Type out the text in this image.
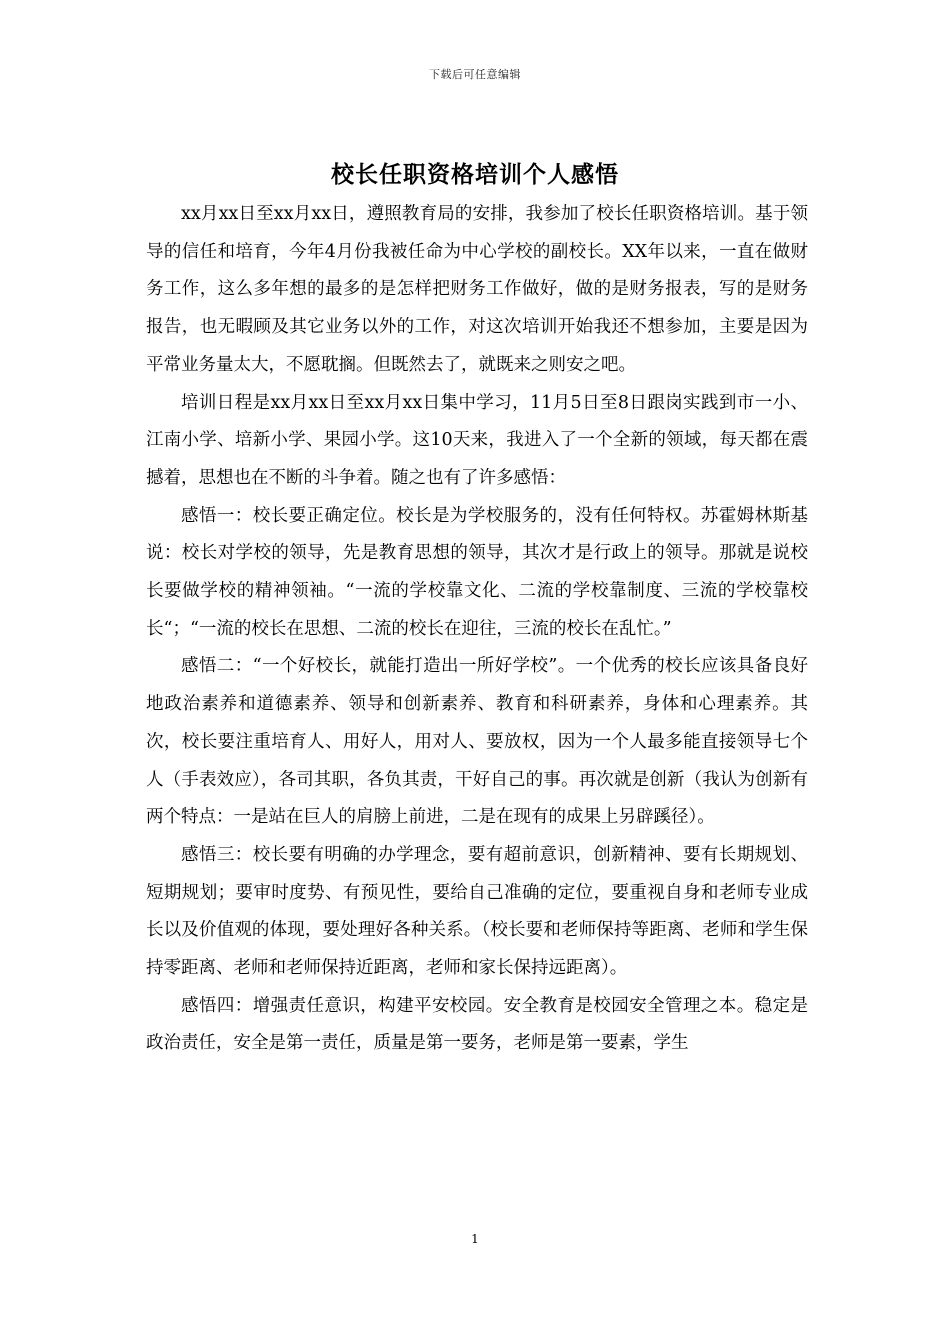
下载后可任意编辑
校长任职资格培训个人感悟

xx月xx日至xx月xx日，遵照教育局的安排，我参加了校长任职资格培训。基于领导的信任和培育，今年4月份我被任命为中心学校的副校长。XX年以来，一直在做财务工作，这么多年想的最多的是怎样把财务工作做好，做的是财务报表，写的是财务报告，也无暇顾及其它业务以外的工作，对这次培训开始我还不想参加，主要是因为平常业务量太大，不愿耽搁。但既然去了，就既来之则安之吧。

培训日程是xx月xx日至xx月xx日集中学习，11月5日至8日跟岗实践到市一小、江南小学、培新小学、果园小学。这10天来，我进入了一个全新的领域，每天都在震撼着，思想也在不断的斗争着。随之也有了许多感悟：

感悟一：校长要正确定位。校长是为学校服务的，没有任何特权。苏霍姆林斯基说：校长对学校的领导，先是教育思想的领导，其次才是行政上的领导。那就是说校长要做学校的精神领袖。“一流的学校靠文化、二流的学校靠制度、三流的学校靠校长“；“一流的校长在思想、二流的校长在迎往，三流的校长在乱忙。”

感悟二：“一个好校长，就能打造出一所好学校”。一个优秀的校长应该具备良好地政治素养和道德素养、领导和创新素养、教育和科研素养，身体和心理素养。其次，校长要注重培育人、用好人，用对人、要放权，因为一个人最多能直接领导七个人（手表效应），各司其职，各负其责，干好自己的事。再次就是创新（我认为创新有两个特点：一是站在巨人的肩膀上前进，二是在现有的成果上另辟蹊径）。

感悟三：校长要有明确的办学理念，要有超前意识，创新精神、要有长期规划、短期规划；要审时度势、有预见性，要给自己准确的定位，要重视自身和老师专业成长以及价值观的体现，要处理好各种关系。（校长要和老师保持等距离、老师和学生保持零距离、老师和老师保持近距离，老师和家长保持远距离）。

感悟四：增强责任意识，构建平安校园。安全教育是校园安全管理之本。稳定是政治责任，安全是第一责任，质量是第一要务，老师是第一要素，学生

1
